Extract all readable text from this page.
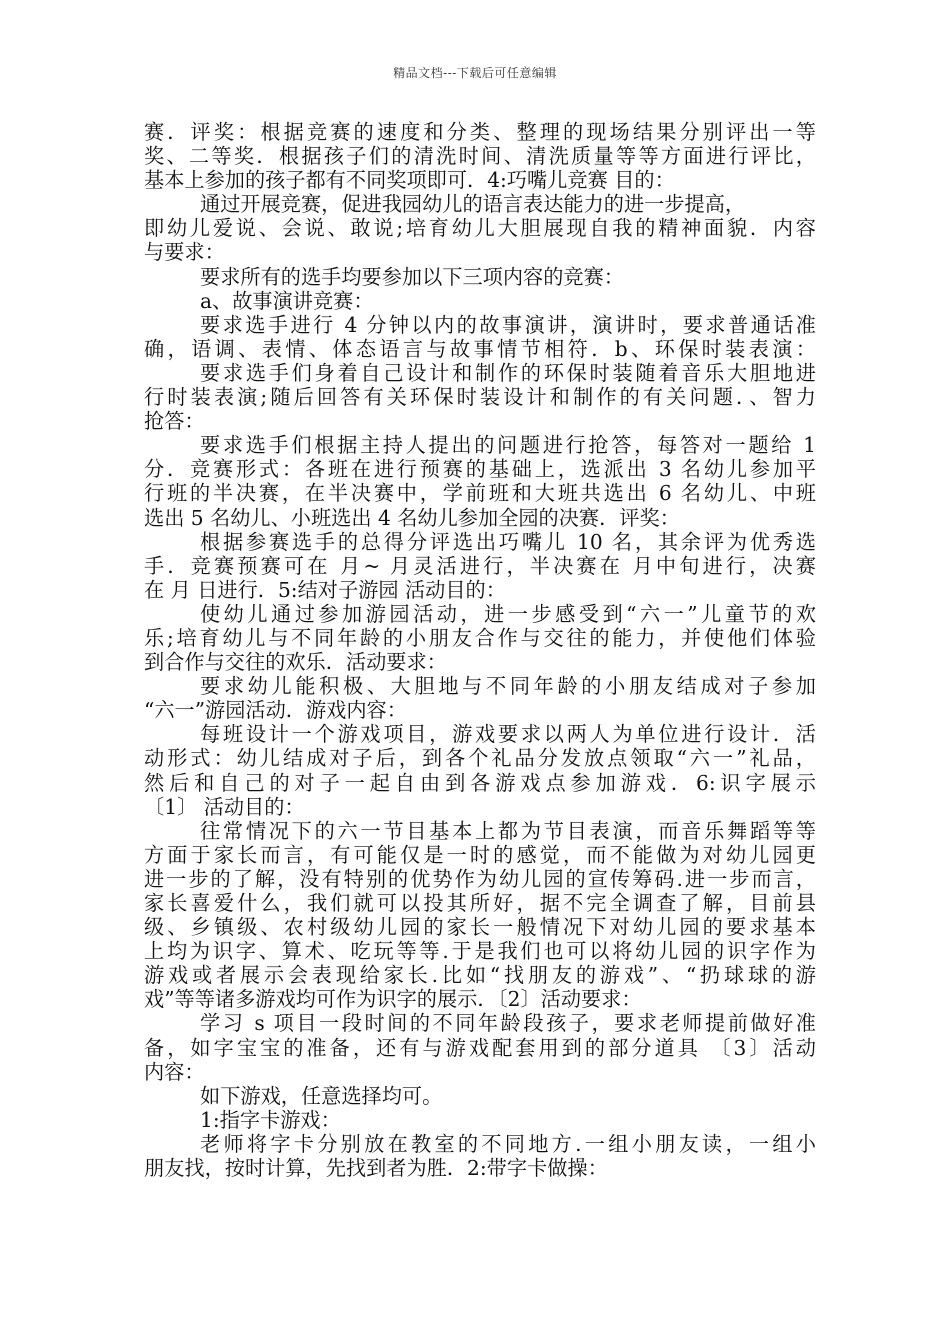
精品文档---下载后可任意编辑
赛．评奖：根据竞赛的速度和分类、整理的现场结果分别评出一等
奖、二等奖．根据孩子们的清洗时间、清洗质量等等方面进行评比，
基本上参加的孩子都有不同奖项即可．4:巧嘴儿竞赛 目的：
通过开展竞赛，促进我园幼儿的语言表达能力的进一步提高，
即幼儿爱说、会说、敢说;培育幼儿大胆展现自我的精神面貌．内容
与要求：
要求所有的选手均要参加以下三项内容的竞赛：
a、故事演讲竞赛：
要求选手进行 4 分钟以内的故事演讲，演讲时，要求普通话准
确，语调、表情、体态语言与故事情节相符．b、环保时装表演：
要求选手们身着自己设计和制作的环保时装随着音乐大胆地进
行时装表演;随后回答有关环保时装设计和制作的有关问题．、智力
抢答：
要求选手们根据主持人提出的问题进行抢答，每答对一题给 1
分．竞赛形式：各班在进行预赛的基础上，选派出 3 名幼儿参加平
行班的半决赛，在半决赛中，学前班和大班共选出 6 名幼儿、中班
选出 5 名幼儿、小班选出 4 名幼儿参加全园的决赛．评奖：
根据参赛选手的总得分评选出巧嘴儿 10 名，其余评为优秀选
手．竞赛预赛可在 月~ 月灵活进行，半决赛在 月中旬进行，决赛
在 月 日进行．5:结对子游园 活动目的：
使幼儿通过参加游园活动，进一步感受到“六一”儿童节的欢
乐;培育幼儿与不同年龄的小朋友合作与交往的能力，并使他们体验
到合作与交往的欢乐．活动要求：
要求幼儿能积极、大胆地与不同年龄的小朋友结成对子参加
“六一”游园活动．游戏内容：
每班设计一个游戏项目，游戏要求以两人为单位进行设计．活
动形式：幼儿结成对子后，到各个礼品分发放点领取“六一”礼品，
然后和自己的对子一起自由到各游戏点参加游戏．6:识字展示
〔1〕 活动目的：
往常情况下的六一节目基本上都为节目表演，而音乐舞蹈等等
方面于家长而言，有可能仅是一时的感觉，而不能做为对幼儿园更
进一步的了解，没有特别的优势作为幼儿园的宣传筹码.进一步而言，
家长喜爱什么，我们就可以投其所好，据不完全调查了解，目前县
级、乡镇级、农村级幼儿园的家长一般情况下对幼儿园的要求基本
上均为识字、算术、吃玩等等.于是我们也可以将幼儿园的识字作为
游戏或者展示会表现给家长.比如“找朋友的游戏”、“扔球球的游
戏”等等诸多游戏均可作为识字的展示．〔2〕活动要求：
学习 s 项目一段时间的不同年龄段孩子，要求老师提前做好准
备，如字宝宝的准备，还有与游戏配套用到的部分道具 〔3〕活动
内容：
如下游戏，任意选择均可。
1:指字卡游戏：
老师将字卡分别放在教室的不同地方.一组小朋友读，一组小
朋友找，按时计算，先找到者为胜．2:带字卡做操：
